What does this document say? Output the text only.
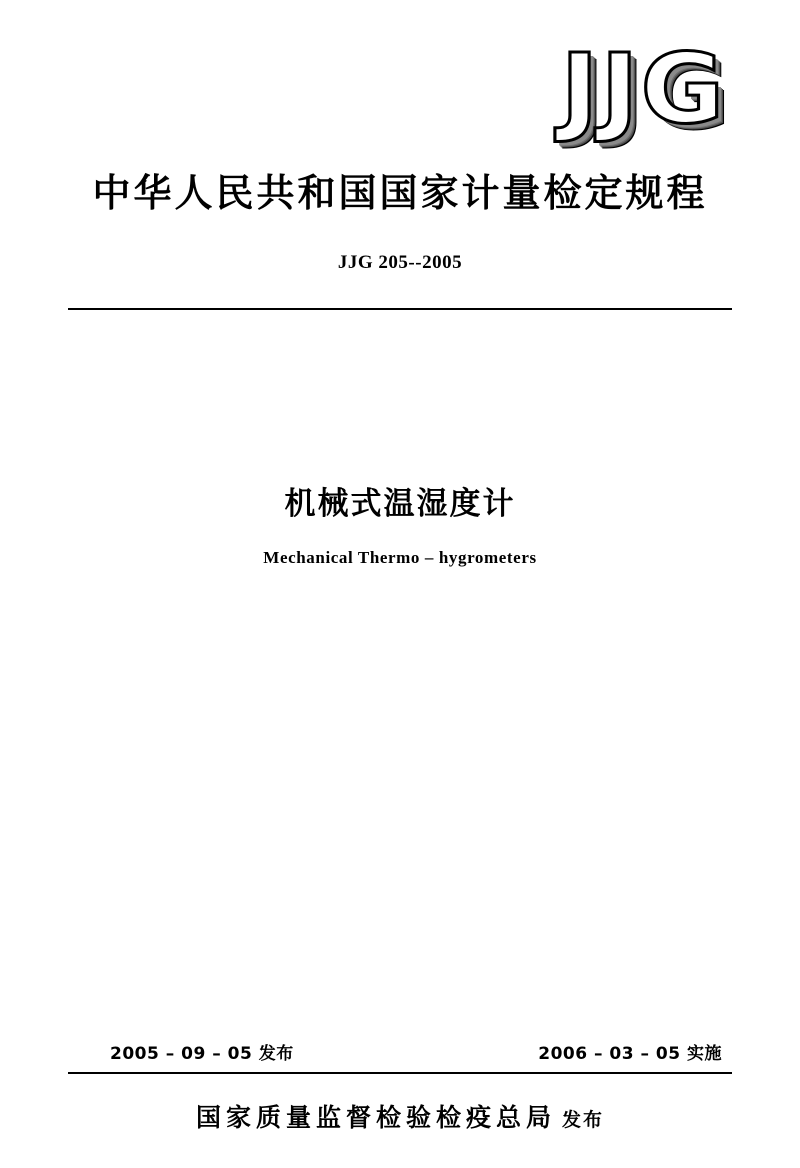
JJG
中华人民共和国国家计量检定规程
JJG 205--2005
机械式温湿度计
Mechanical Thermo – hygrometers
2005 – 09 – 05 发布	2006 – 03 – 05 实施
国家质量监督检验检疫总局 发布
